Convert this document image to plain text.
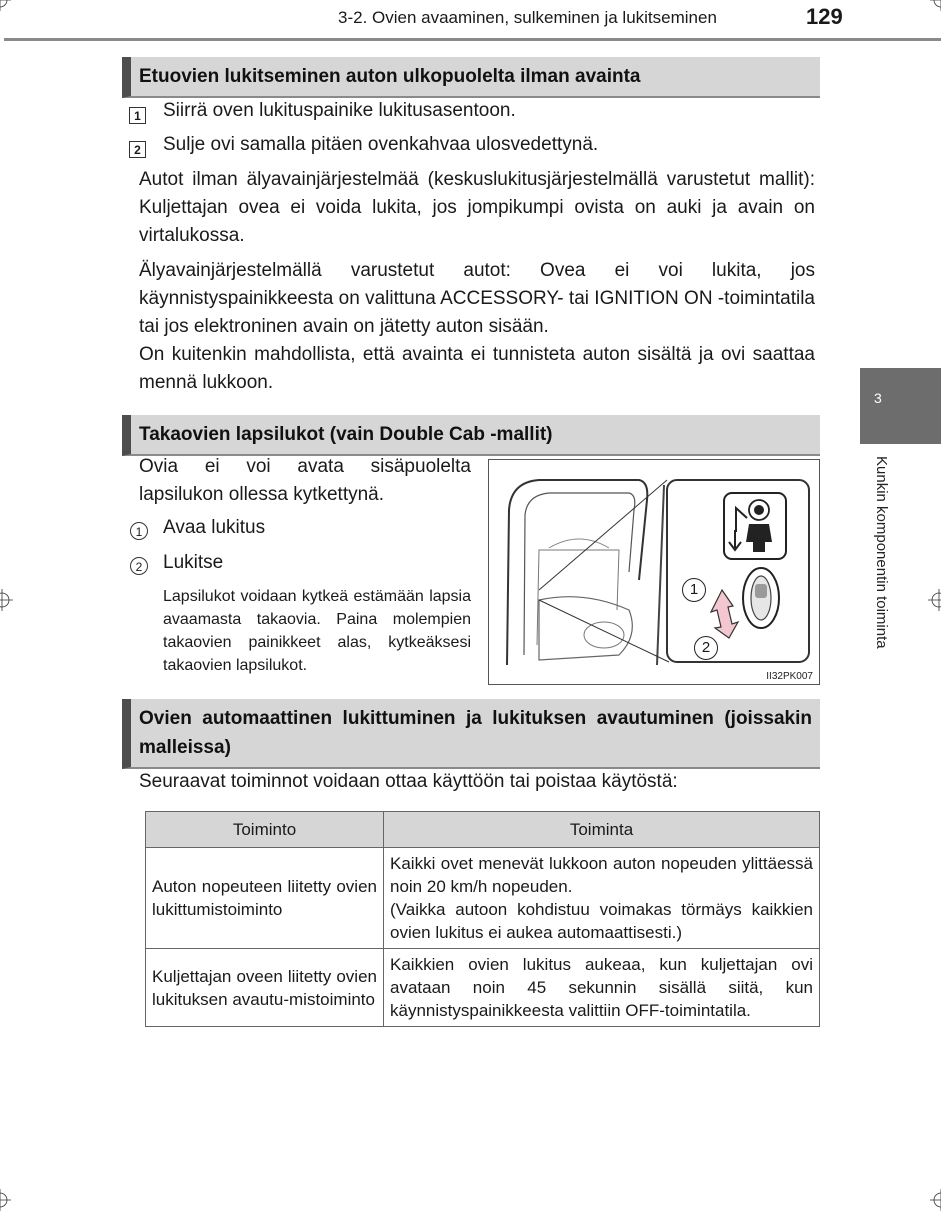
3-2. Ovien avaaminen, sulkeminen ja lukitseminen	129
3
Kunkin komponentin toiminta
Etuovien lukitseminen auton ulkopuolelta ilman avainta
1 Siirrä oven lukituspainike lukitusasentoon.
2 Sulje ovi samalla pitäen ovenkahvaa ulosvedettynä.
Autot ilman älyavainjärjestelmää (keskuslukitusjärjestelmällä varustetut mallit): Kuljettajan ovea ei voida lukita, jos jompikumpi ovista on auki ja avain on virtalukossa.
Älyavainjärjestelmällä varustetut autot: Ovea ei voi lukita, jos käynnistyspainikkeesta on valittuna ACCESSORY- tai IGNITION ON -toimintatila tai jos elektroninen avain on jätetty auton sisään.
On kuitenkin mahdollista, että avainta ei tunnisteta auton sisältä ja ovi saattaa mennä lukkoon.
Takaovien lapsilukot (vain Double Cab -mallit)
Ovia ei voi avata sisäpuolelta lapsilukon ollessa kytkettynä.
1 Avaa lukitus
2 Lukitse
Lapsilukot voidaan kytkeä estämään lapsia avaamasta takaovia. Paina molempien takaovien painikkeet alas, kytkeäksesi takaovien lapsilukot.
1
2
II32PK007
Ovien automaattinen lukittuminen ja lukituksen avautuminen (joissakin malleissa)
Seuraavat toiminnot voidaan ottaa käyttöön tai poistaa käytöstä:
Toiminto	Toiminta
Auton nopeuteen liitetty ovien lukittumistoiminto	Kaikki ovet menevät lukkoon auton nopeuden ylittäessä noin 20 km/h nopeuden.
(Vaikka autoon kohdistuu voimakas törmäys kaikkien ovien lukitus ei aukea automaattisesti.)

Kuljettajan oveen liitetty ovien lukituksen avautu-mistoiminto	Kaikkien ovien lukitus aukeaa, kun kuljettajan ovi avataan noin 45 sekunnin sisällä siitä, kun käynnistyspainikkeesta valittiin OFF-toimintatila.
